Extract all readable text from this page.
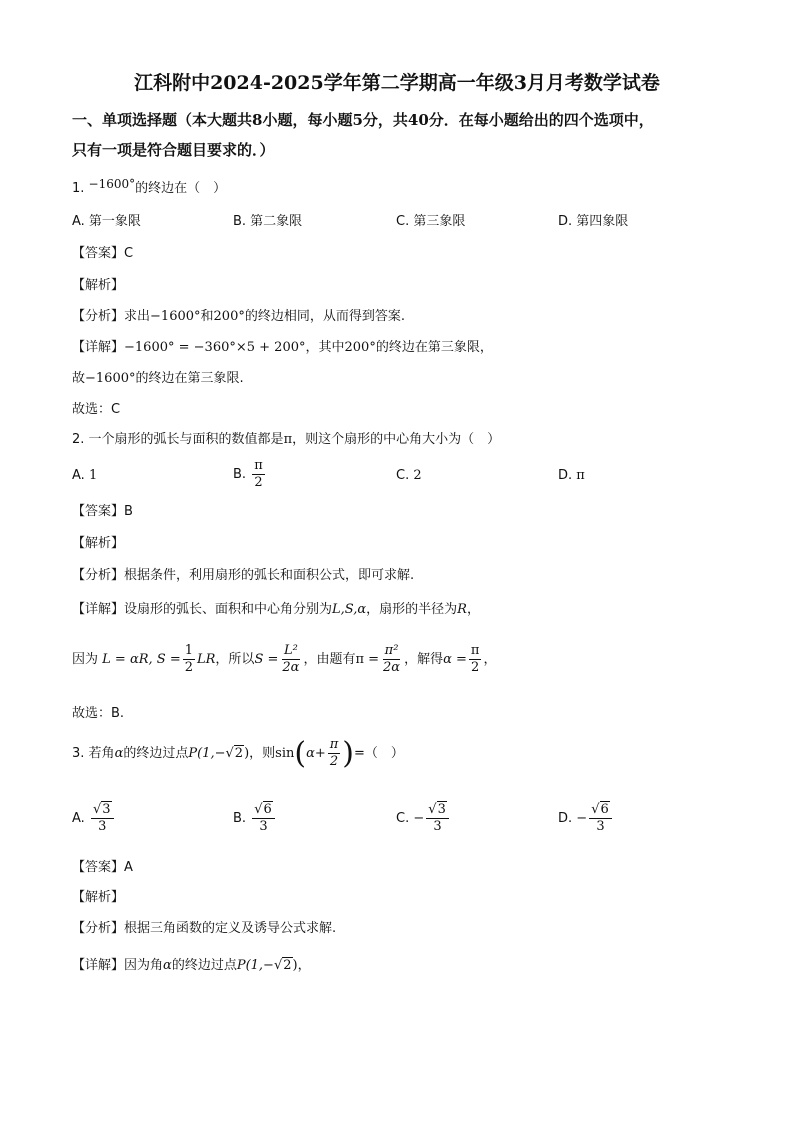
江科附中2024-2025学年第二学期高一年级3月月考数学试卷
一、单项选择题（本大题共8小题，每小题5分，共40分．在每小题给出的四个选项中，
只有一项是符合题目要求的．）
1. −1600°的终边在（　）
A. 第一象限	B. 第二象限	C. 第三象限	D. 第四象限
【答案】C
【解析】
【分析】求出−1600°和200°的终边相同，从而得到答案.
【详解】−1600° = −360°×5 + 200°，其中200°的终边在第三象限，
故−1600°的终边在第三象限.
故选：C
2. 一个扇形的弧长与面积的数值都是π，则这个扇形的中心角大小为（　）
A. 1	B. $\frac{\pi}{2}$	C. 2	D. π
【答案】B
【解析】
【分析】根据条件，利用扇形的弧长和面积公式，即可求解.
【详解】设扇形的弧长、面积和中心角分别为L,S,α，扇形的半径为R，
因为 L = αR, $S = \frac{1}{2}$ LR，所以$S = \frac{\text{L²}}{2\alpha}$ ，由题有$\pi = \frac{\text{π²}}{2\alpha}$ ，解得$\alpha = \frac{\pi}{2}$ ，
故选：B.
3. 若角α的终边过点P(1,−√2)，则$\sin(\alpha+ \frac{\pi}{2}$ )=（　）
A. $\frac{√3}{3}$	B. $\frac{√6}{3}$	C. − $\frac{√3}{3}$	D. − $\frac{√6}{3}$
【答案】A
【解析】
【分析】根据三角函数的定义及诱导公式求解.
【详解】因为角α的终边过点P(1,−√2)，
